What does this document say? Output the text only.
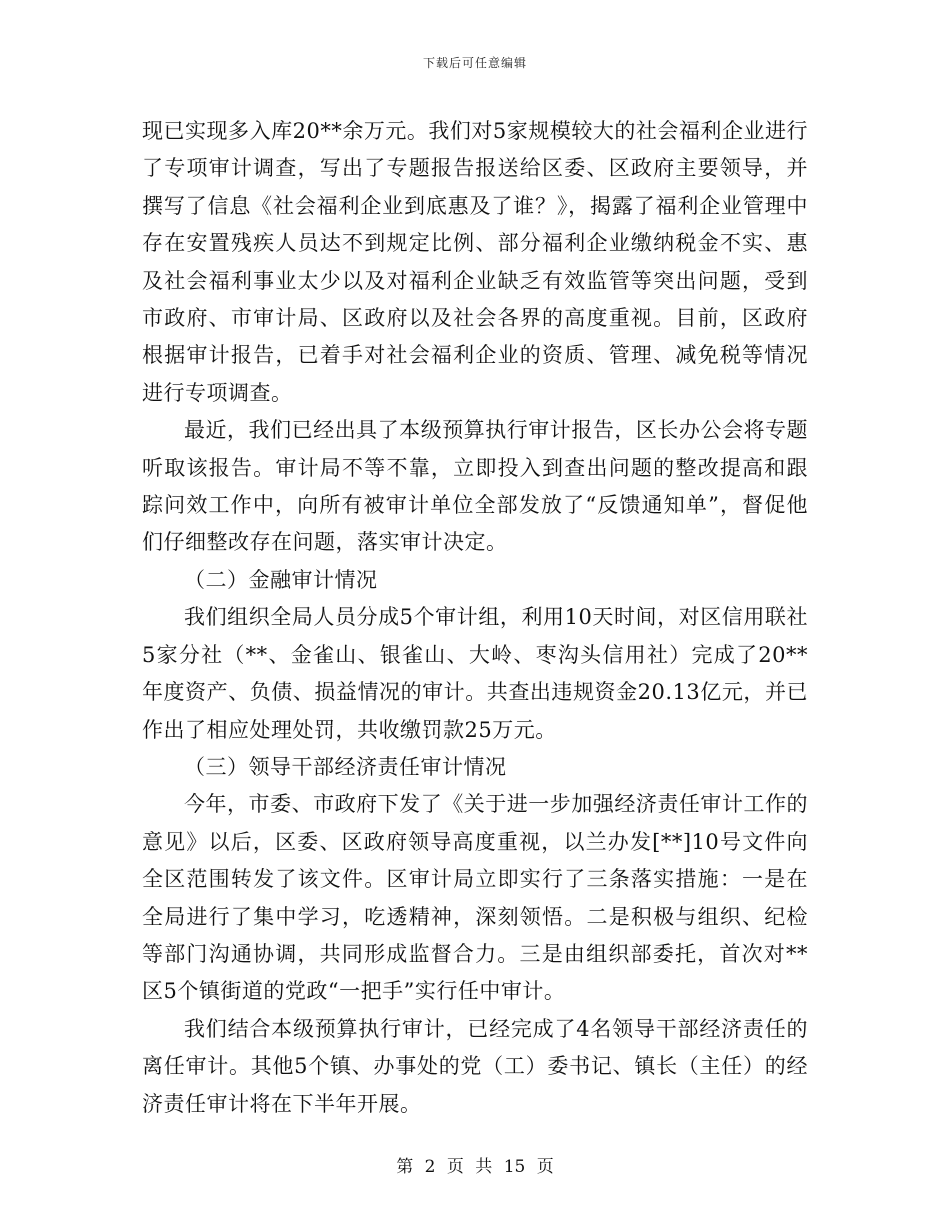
下载后可任意编辑

现已实现多入库20**余万元。我们对5家规模较大的社会福利企业进行了专项审计调查，写出了专题报告报送给区委、区政府主要领导，并撰写了信息《社会福利企业到底惠及了谁？》，揭露了福利企业管理中存在安置残疾人员达不到规定比例、部分福利企业缴纳税金不实、惠及社会福利事业太少以及对福利企业缺乏有效监管等突出问题，受到市政府、市审计局、区政府以及社会各界的高度重视。目前，区政府根据审计报告，已着手对社会福利企业的资质、管理、减免税等情况进行专项调查。

最近，我们已经出具了本级预算执行审计报告，区长办公会将专题听取该报告。审计局不等不靠，立即投入到查出问题的整改提高和跟踪问效工作中，向所有被审计单位全部发放了“反馈通知单”，督促他们仔细整改存在问题，落实审计决定。

（二）金融审计情况

我们组织全局人员分成5个审计组，利用10天时间，对区信用联社5家分社（**、金雀山、银雀山、大岭、枣沟头信用社）完成了20**年度资产、负债、损益情况的审计。共查出违规资金20.13亿元，并已作出了相应处理处罚，共收缴罚款25万元。

（三）领导干部经济责任审计情况

今年，市委、市政府下发了《关于进一步加强经济责任审计工作的意见》以后，区委、区政府领导高度重视，以兰办发[**]10号文件向全区范围转发了该文件。区审计局立即实行了三条落实措施：一是在全局进行了集中学习，吃透精神，深刻领悟。二是积极与组织、纪检等部门沟通协调，共同形成监督合力。三是由组织部委托，首次对**区5个镇街道的党政“一把手”实行任中审计。

我们结合本级预算执行审计，已经完成了4名领导干部经济责任的离任审计。其他5个镇、办事处的党（工）委书记、镇长（主任）的经济责任审计将在下半年开展。

第 2 页 共 15 页
